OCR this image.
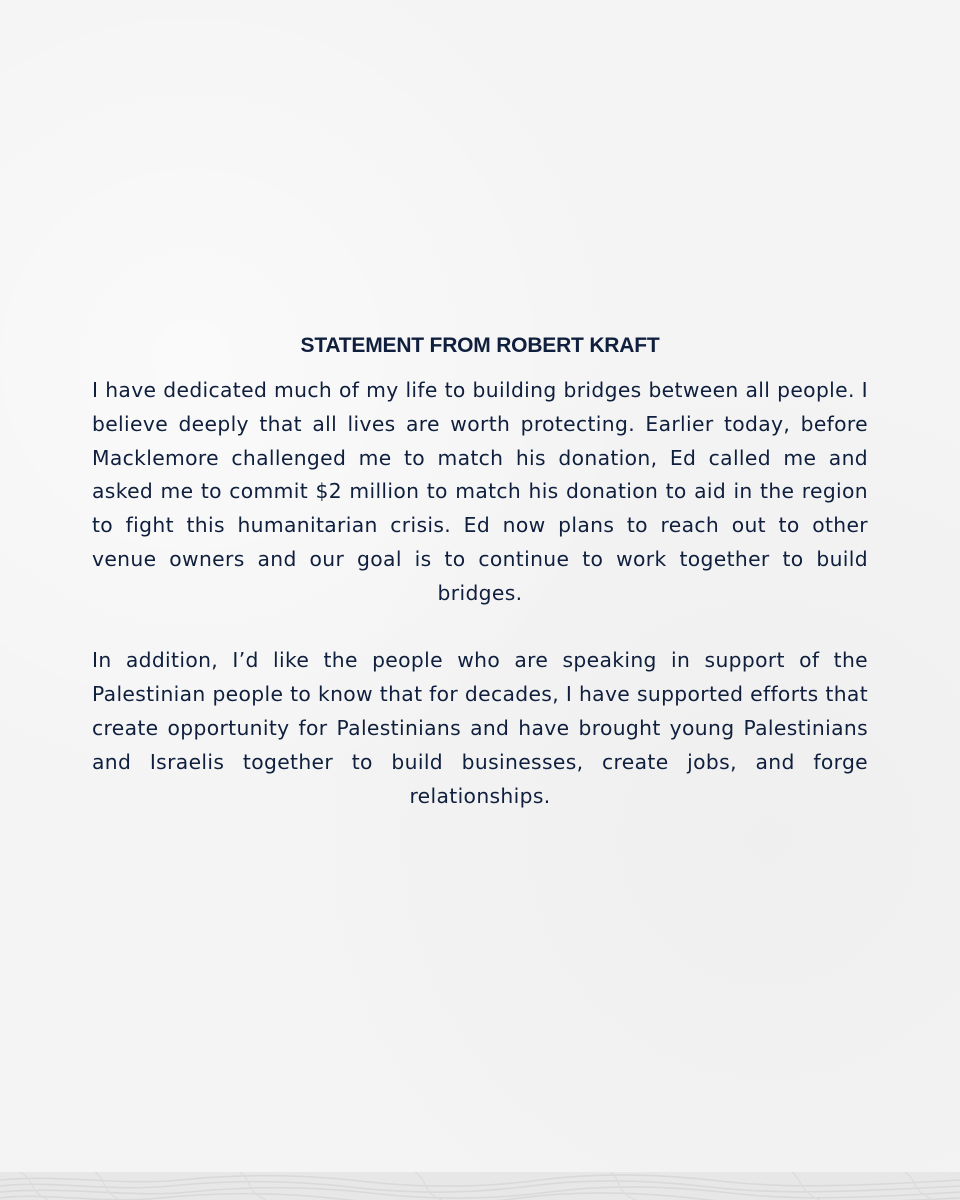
STATEMENT FROM ROBERT KRAFT

I have dedicated much of my life to building bridges between all people. I believe deeply that all lives are worth protecting. Earlier today, before Macklemore challenged me to match his donation, Ed called me and asked me to commit $2 million to match his donation to aid in the region to fight this humanitarian crisis. Ed now plans to reach out to other venue owners and our goal is to continue to work together to build bridges.

In addition, I’d like the people who are speaking in support of the Palestinian people to know that for decades, I have supported efforts that create opportunity for Palestinians and have brought young Palestinians and Israelis together to build businesses, create jobs, and forge relationships.
